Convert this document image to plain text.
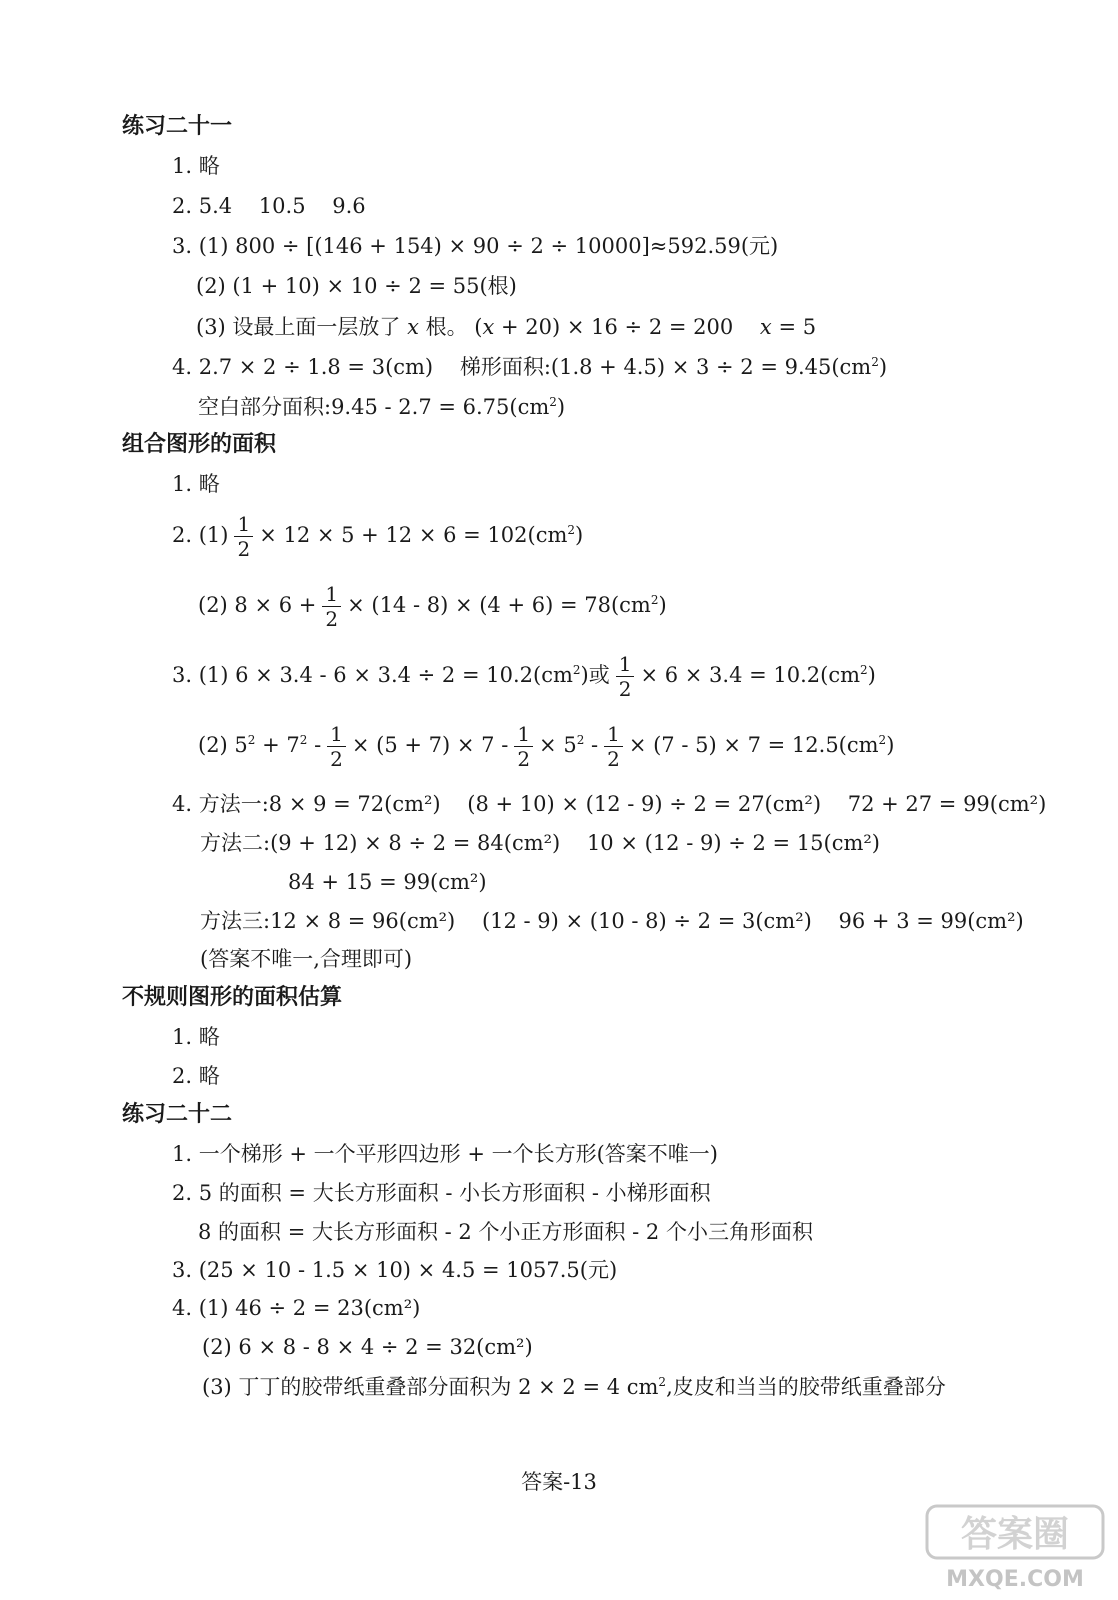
练习二十一
1. 略
2. 5.4    10.5    9.6
3. (1) 800 ÷ [(146 + 154) × 90 ÷ 2 ÷ 10000]≈592.59(元)
(2) (1 + 10) × 10 ÷ 2 = 55(根)
(3) 设最上面一层放了 x 根。 (x + 20) × 16 ÷ 2 = 200    x = 5
4. 2.7 × 2 ÷ 1.8 = 3(cm)    梯形面积:(1.8 + $4.5) \times 3 \div 2 = 9.45(cm^2)$
空白部分面积:9.45 - $2.7 = 6.75(cm^2)$
组合图形的面积
1. 略
2. $(1) \frac{1}{2} \times 12 \times 5 + 12 \times 6 = 102(cm^2)$
(2) $8 \times 6 + \frac{1}{2} \times (14 - 8) \times (4 + 6) = 78(cm^2)$
3. (1) $6 \times 3.4 - 6 \times 3.4 \div 2 = 10.2(cm^2)$或 $\frac{1}{2} \times 6 \times 3.4 = 10.2(cm^2)$
(2) $5^2 + 7^2 - \frac{1}{2} \times (5 + 7) \times 7 - \frac{1}{2} \times 5^2 - \frac{1}{2} \times (7 - 5) \times 7 = 12.5(cm^2)$
4. 方法一:8 × 9 = 72(cm²)    (8 + 10) × (12 - 9) ÷ 2 = 27(cm²)    72 + 27 = 99(cm²)
方法二:(9 + 12) × 8 ÷ 2 = 84(cm²)    10 × (12 - 9) ÷ 2 = 15(cm²)
84 + 15 = 99(cm²)
方法三:12 × 8 = 96(cm²)    (12 - 9) × (10 - 8) ÷ 2 = 3(cm²)    96 + 3 = 99(cm²)
(答案不唯一,合理即可)
不规则图形的面积估算
1. 略
2. 略
练习二十二
1. 一个梯形 + 一个平形四边形 + 一个长方形(答案不唯一)
2. 5 的面积 = 大长方形面积 - 小长方形面积 - 小梯形面积
8 的面积 = 大长方形面积 - 2 个小正方形面积 - 2 个小三角形面积
3. (25 × 10 - 1.5 × 10) × 4.5 = 1057.5(元)
4. (1) 46 ÷ 2 = 23(cm²)
(2) 6 × 8 - 8 × 4 ÷ 2 = 32(cm²)
(3) 丁丁的胶带纸重叠部分面积为 2 × 2 = 4 $cm^2$,皮皮和当当的胶带纸重叠部分
答案-13
答案圈
MXQE.COM
